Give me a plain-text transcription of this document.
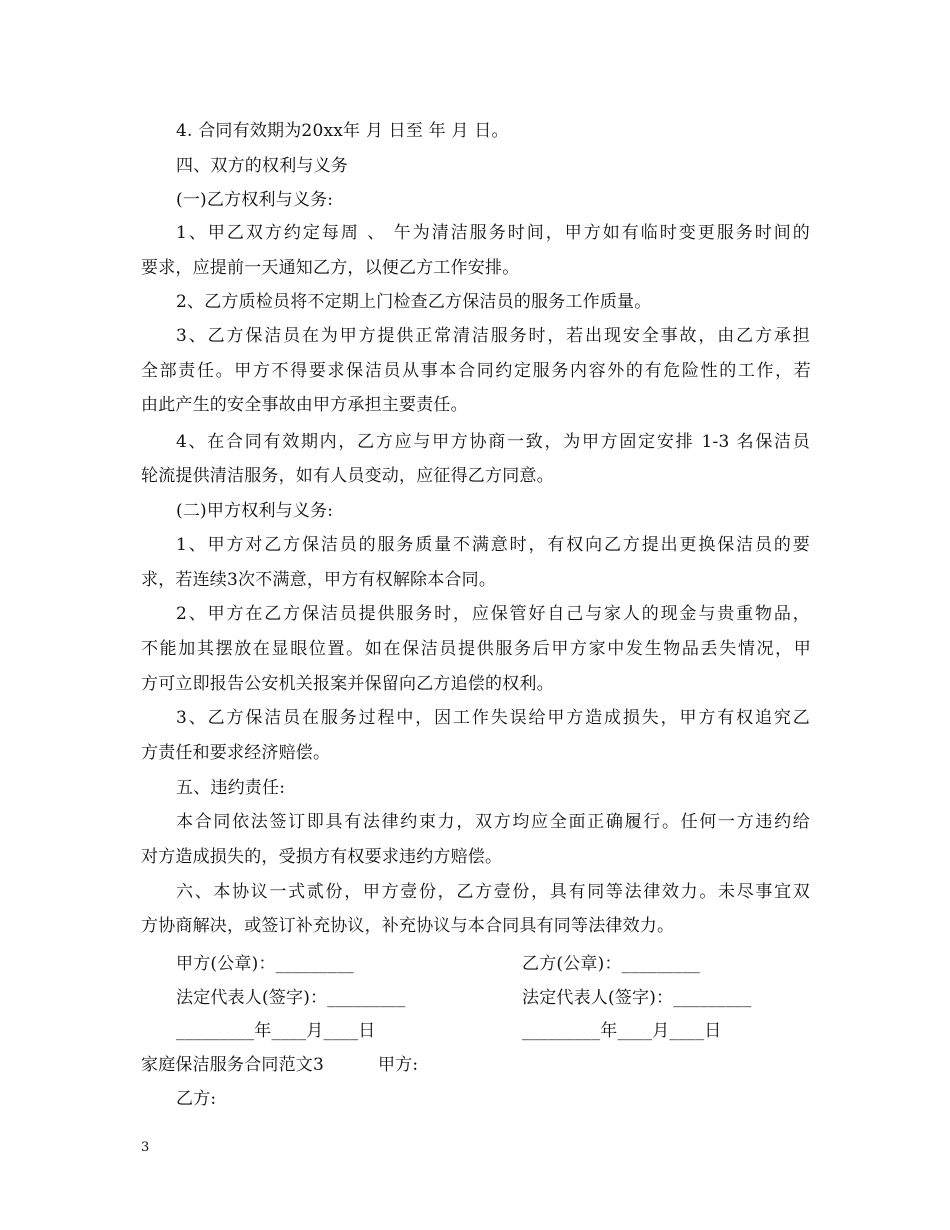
4. 合同有效期为20xx年 月 日至 年 月 日。
四、双方的权利与义务
(一)乙方权利与义务:
1、甲乙双方约定每周 、 午为清洁服务时间，甲方如有临时变更服务时间的
要求，应提前一天通知乙方，以便乙方工作安排。
2、乙方质检员将不定期上门检查乙方保洁员的服务工作质量。
3、乙方保洁员在为甲方提供正常清洁服务时，若出现安全事故，由乙方承担
全部责任。甲方不得要求保洁员从事本合同约定服务内容外的有危险性的工作，若
由此产生的安全事故由甲方承担主要责任。
4、在合同有效期内，乙方应与甲方协商一致，为甲方固定安排 1-3 名保洁员
轮流提供清洁服务，如有人员变动，应征得乙方同意。
(二)甲方权利与义务:
1、甲方对乙方保洁员的服务质量不满意时，有权向乙方提出更换保洁员的要
求，若连续3次不满意，甲方有权解除本合同。
2、甲方在乙方保洁员提供服务时，应保管好自己与家人的现金与贵重物品，
不能加其摆放在显眼位置。如在保洁员提供服务后甲方家中发生物品丢失情况，甲
方可立即报告公安机关报案并保留向乙方追偿的权利。
3、乙方保洁员在服务过程中，因工作失误给甲方造成损失，甲方有权追究乙
方责任和要求经济赔偿。
五、违约责任:
本合同依法签订即具有法律约束力，双方均应全面正确履行。任何一方违约给
对方造成损失的，受损方有权要求违约方赔偿。
六、本协议一式贰份，甲方壹份，乙方壹份，具有同等法律效力。未尽事宜双
方协商解决，或签订补充协议，补充协议与本合同具有同等法律效力。
甲方(公章)：_________	乙方(公章)：_________
法定代表人(签字)：_________	法定代表人(签字)：_________
_________年____月____日	_________年____月____日
家庭保洁服务合同范文3	甲方:
乙方:
3
